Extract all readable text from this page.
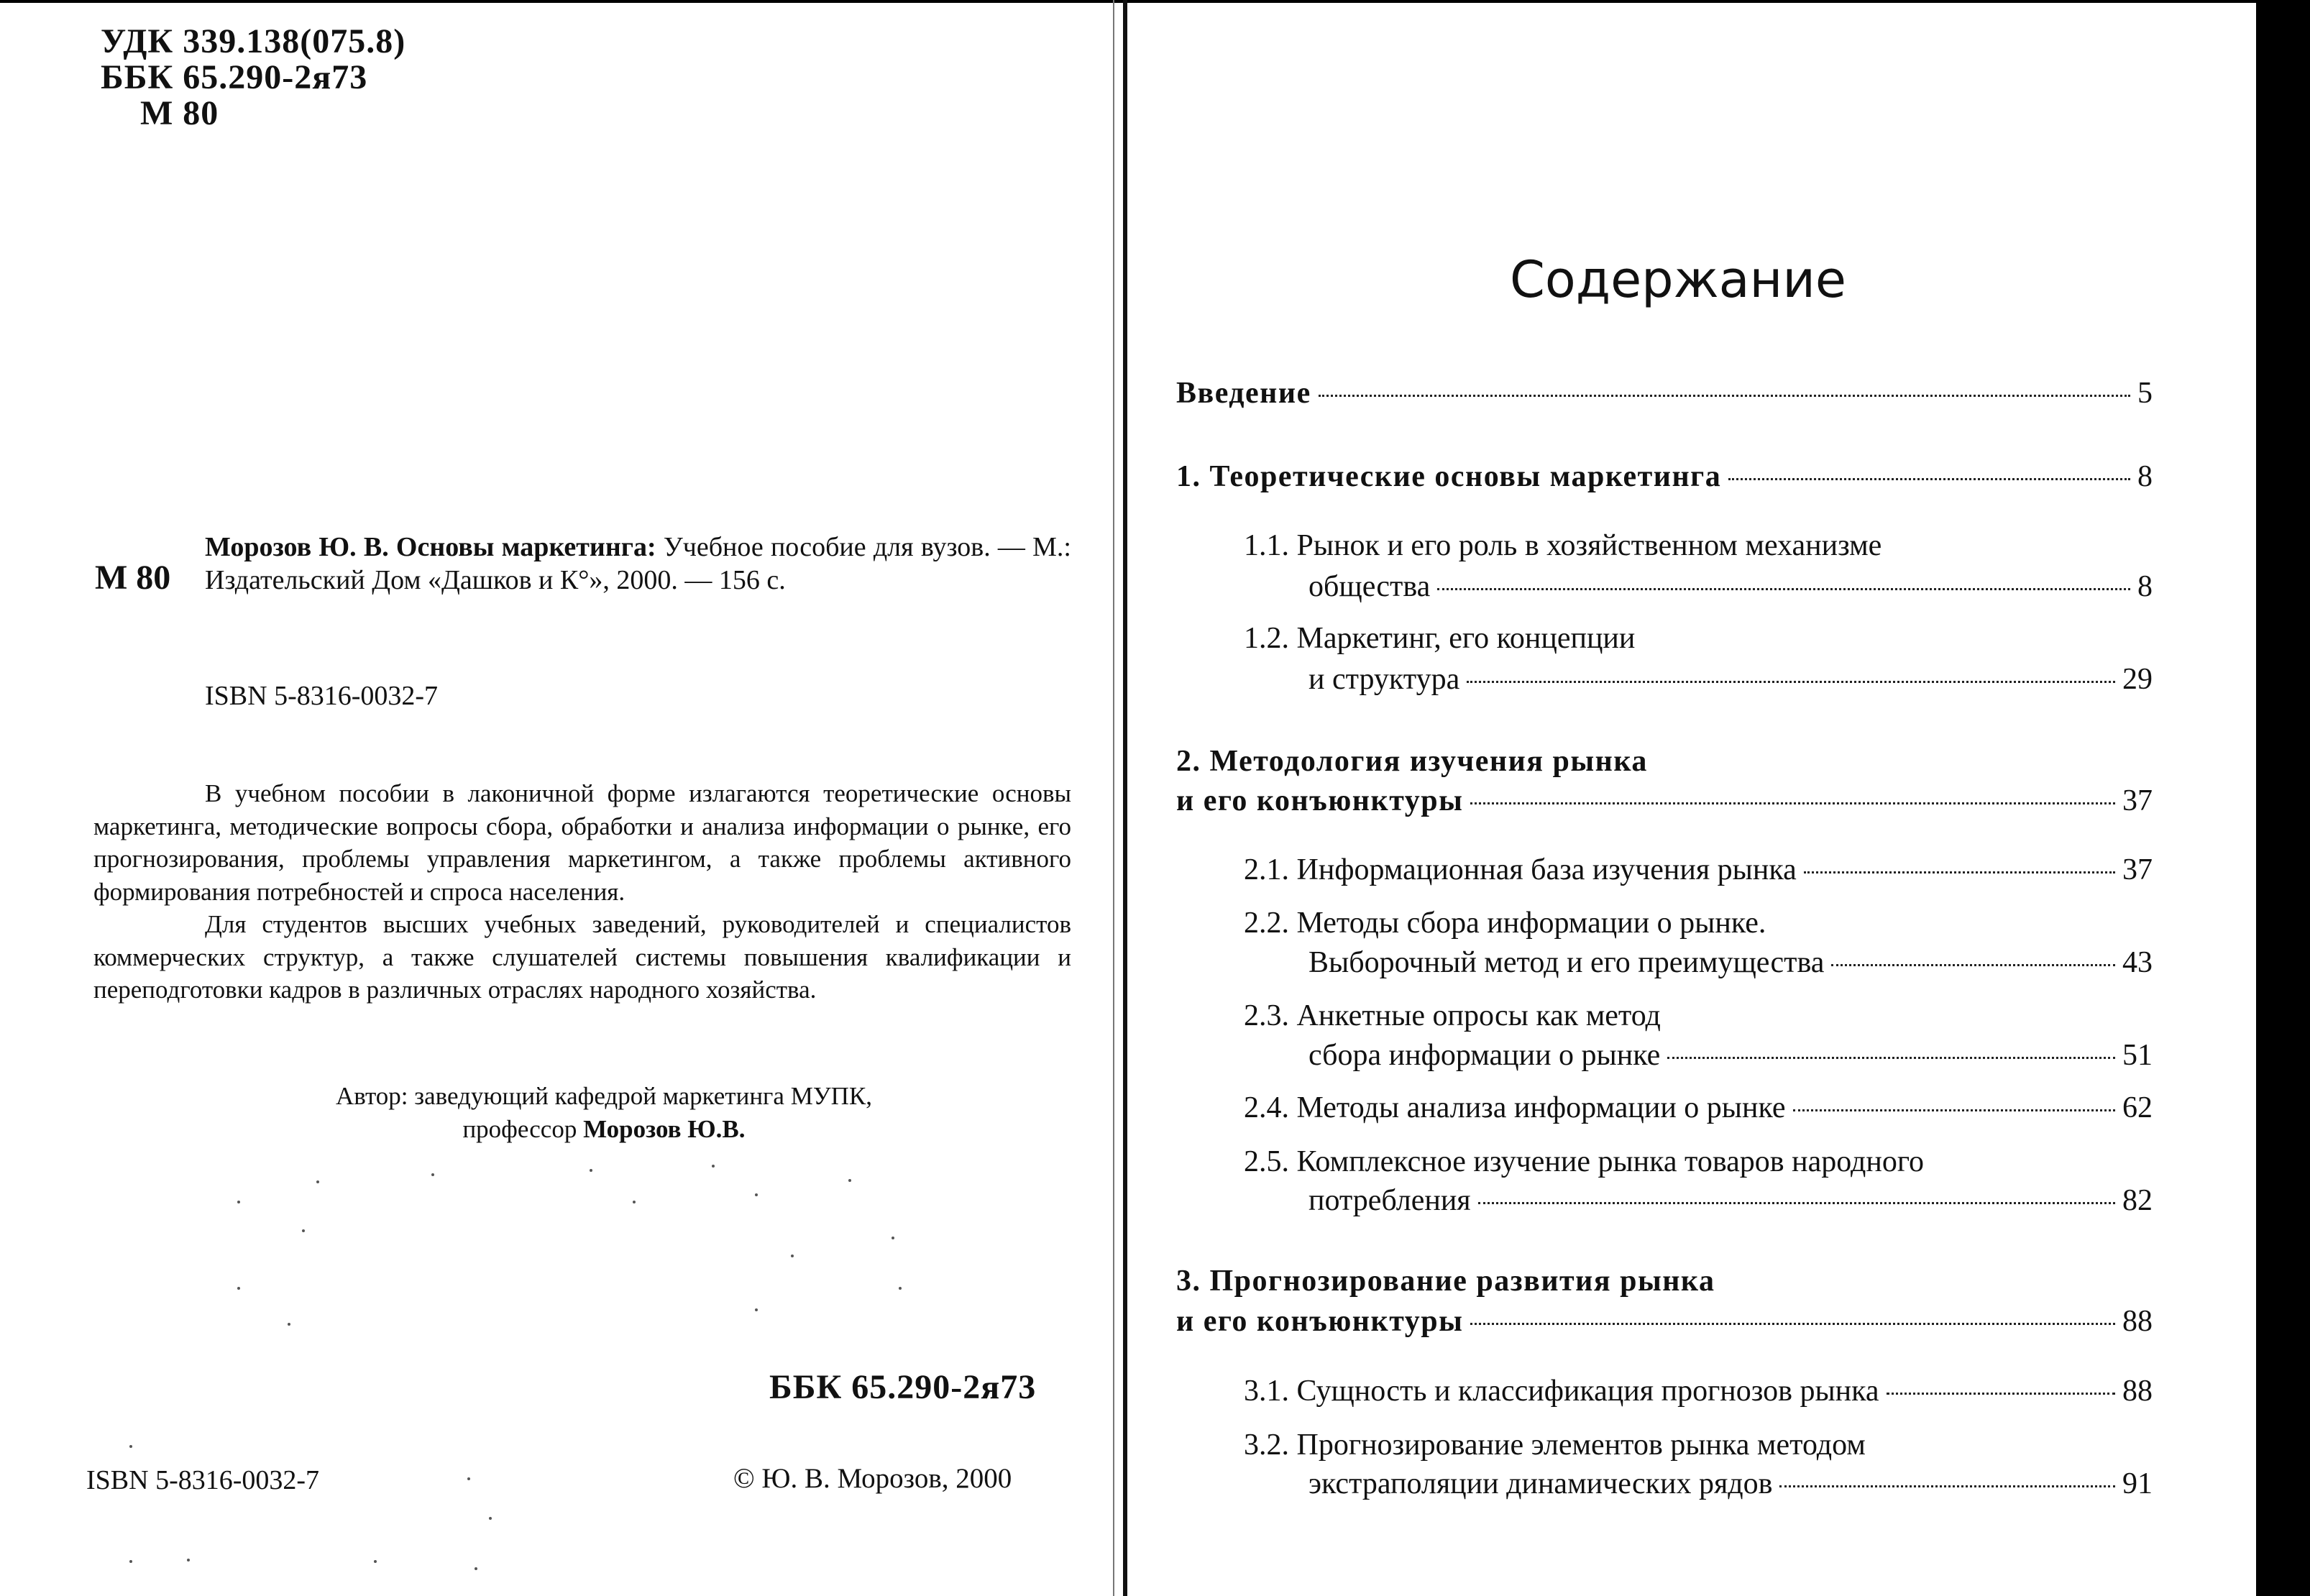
УДК 339.138(075.8)
ББК 65.290-2я73
М 80
М 80
Морозов Ю. В. Основы маркетинга: Учебное пособие для вузов. — М.: Издательский Дом «Дашков и К°», 2000. — 156 с.
ISBN 5-8316-0032-7

В учебном пособии в лаконичной форме излагаются теоретические основы маркетинга, методические вопросы сбора, обработки и анализа информации о рынке, его прогнозирования, проблемы управления маркетингом, а также проблемы активного формирования потребностей и спроса населения.

Для студентов высших учебных заведений, руководителей и специалистов коммерческих структур, а также слушателей системы повышения квалификации и переподготовки кадров в различных отраслях народного хозяйства.

Автор: заведующий кафедрой маркетинга МУПК,
профессор Морозов Ю.В.
ББК 65.290-2я73
ISBN 5-8316-0032-7	© Ю. В. Морозов, 2000
Содержание
Введение	5
1. Теоретические основы маркетинга	8
1.1. Рынок и его роль в хозяйственном механизме
общества	8
1.2. Маркетинг, его концепции
и структура	29
2. Методология изучения рынка
и его конъюнктуры	37
2.1. Информационная база изучения рынка	37
2.2. Методы сбора информации о рынке.
Выборочный метод и его преимущества	43
2.3. Анкетные опросы как метод
сбора информации о рынке	51
2.4. Методы анализа информации о рынке	62
2.5. Комплексное изучение рынка товаров народного
потребления	82
3. Прогнозирование развития рынка
и его конъюнктуры	88
3.1. Сущность и классификация прогнозов рынка	88
3.2. Прогнозирование элементов рынка методом
экстраполяции динамических рядов	91
